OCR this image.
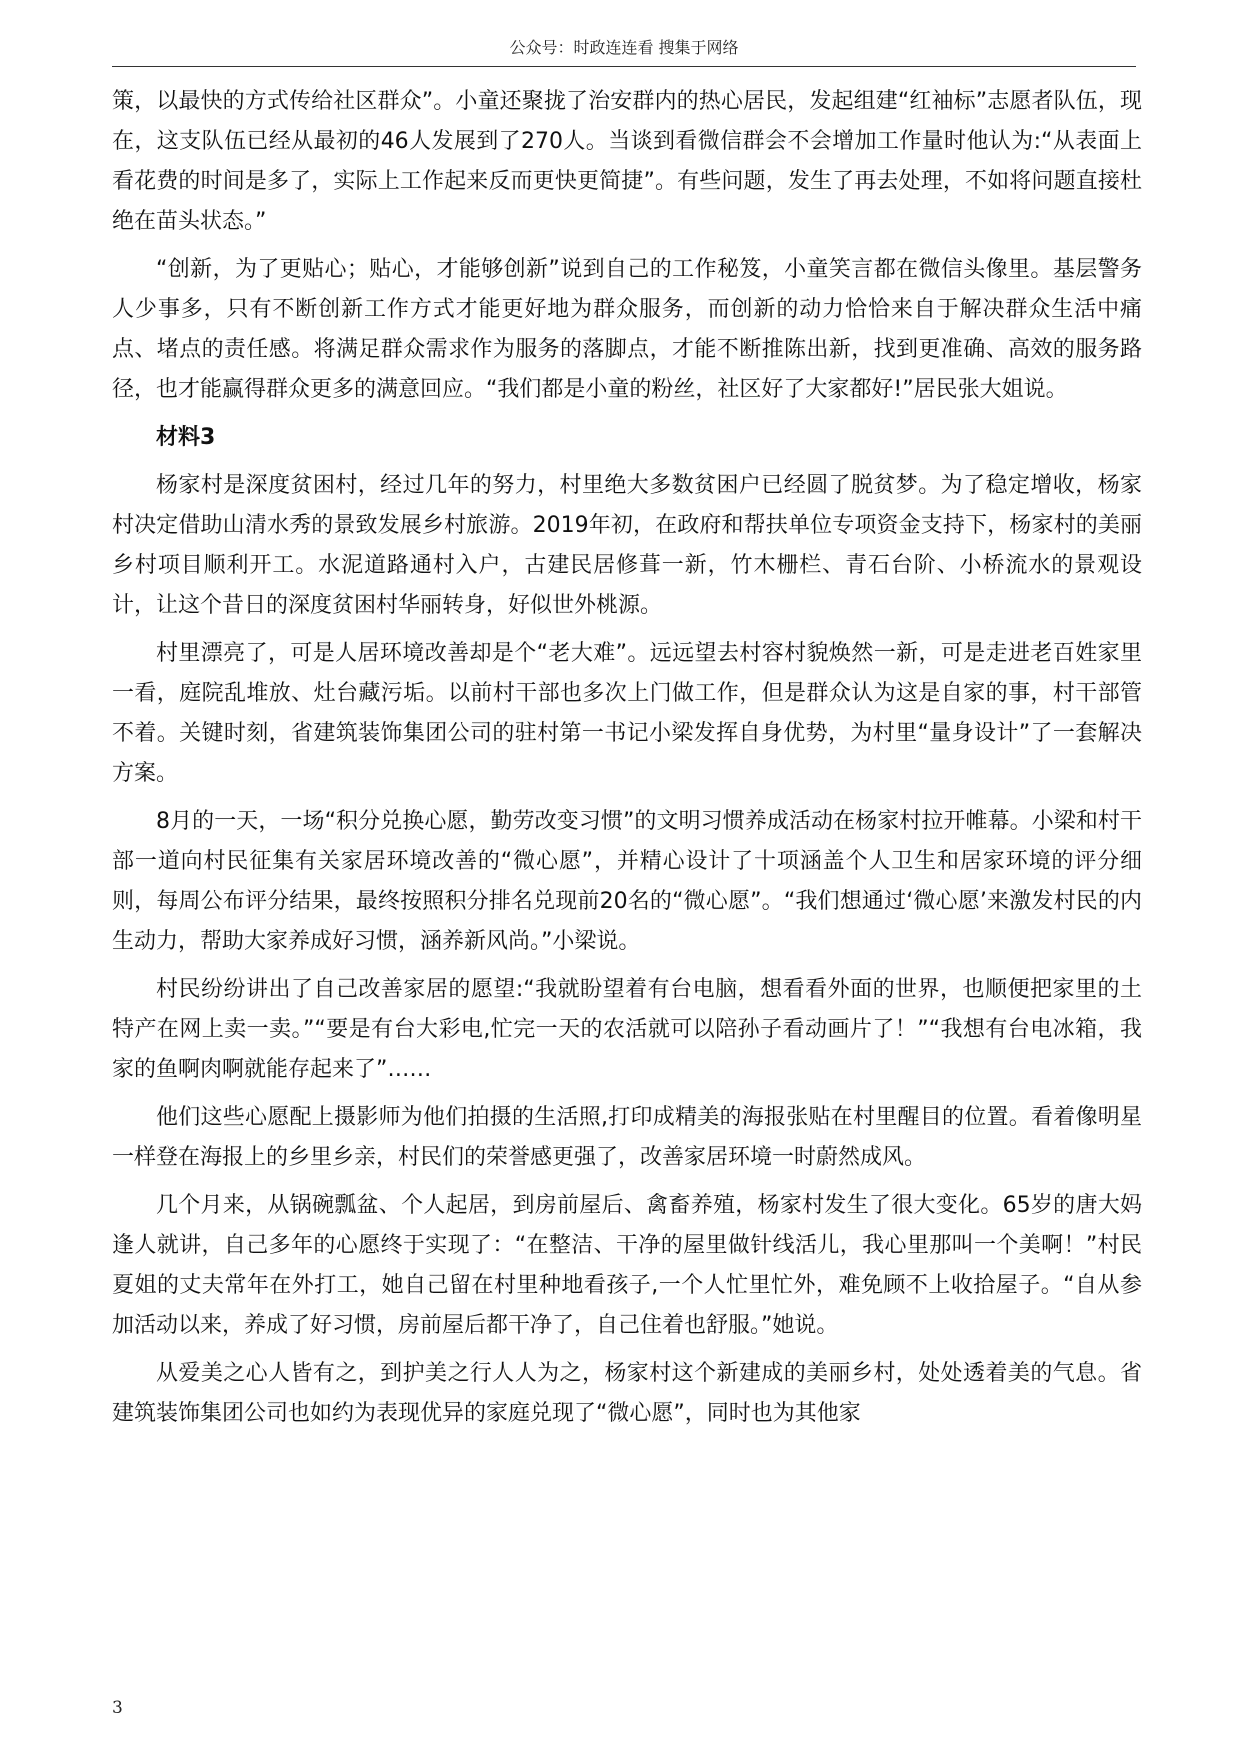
公众号：时政连连看 搜集于网络

策，以最快的方式传给社区群众”。小童还聚拢了治安群内的热心居民，发起组建“红袖标”志愿者队伍，现在，这支队伍已经从最初的46人发展到了270人。当谈到看微信群会不会增加工作量时他认为:“从表面上看花费的时间是多了，实际上工作起来反而更快更简捷”。有些问题，发生了再去处理，不如将问题直接杜绝在苗头状态。”

“创新，为了更贴心；贴心，才能够创新”说到自己的工作秘笈，小童笑言都在微信头像里。基层警务人少事多，只有不断创新工作方式才能更好地为群众服务，而创新的动力恰恰来自于解决群众生活中痛点、堵点的责任感。将满足群众需求作为服务的落脚点，才能不断推陈出新，找到更准确、高效的服务路径，也才能赢得群众更多的满意回应。“我们都是小童的粉丝，社区好了大家都好!”居民张大姐说。

材料3

杨家村是深度贫困村，经过几年的努力，村里绝大多数贫困户已经圆了脱贫梦。为了稳定增收，杨家村决定借助山清水秀的景致发展乡村旅游。2019年初，在政府和帮扶单位专项资金支持下，杨家村的美丽乡村项目顺利开工。水泥道路通村入户，古建民居修葺一新，竹木栅栏、青石台阶、小桥流水的景观设计，让这个昔日的深度贫困村华丽转身，好似世外桃源。

村里漂亮了，可是人居环境改善却是个“老大难”。远远望去村容村貌焕然一新，可是走进老百姓家里一看，庭院乱堆放、灶台藏污垢。以前村干部也多次上门做工作，但是群众认为这是自家的事，村干部管不着。关键时刻，省建筑装饰集团公司的驻村第一书记小梁发挥自身优势，为村里“量身设计”了一套解决方案。

8月的一天，一场“积分兑换心愿，勤劳改变习惯”的文明习惯养成活动在杨家村拉开帷幕。小梁和村干部一道向村民征集有关家居环境改善的“微心愿”，并精心设计了十项涵盖个人卫生和居家环境的评分细则，每周公布评分结果，最终按照积分排名兑现前20名的“微心愿”。“我们想通过‘微心愿’来激发村民的内生动力，帮助大家养成好习惯，涵养新风尚。”小梁说。

村民纷纷讲出了自己改善家居的愿望:“我就盼望着有台电脑，想看看外面的世界，也顺便把家里的土特产在网上卖一卖。”“要是有台大彩电,忙完一天的农活就可以陪孙子看动画片了！”“我想有台电冰箱，我家的鱼啊肉啊就能存起来了”……

他们这些心愿配上摄影师为他们拍摄的生活照,打印成精美的海报张贴在村里醒目的位置。看着像明星一样登在海报上的乡里乡亲，村民们的荣誉感更强了，改善家居环境一时蔚然成风。

几个月来，从锅碗瓢盆、个人起居，到房前屋后、禽畜养殖，杨家村发生了很大变化。65岁的唐大妈逢人就讲，自己多年的心愿终于实现了：“在整洁、干净的屋里做针线活儿，我心里那叫一个美啊！”村民夏姐的丈夫常年在外打工，她自己留在村里种地看孩子,一个人忙里忙外，难免顾不上收拾屋子。“自从参加活动以来，养成了好习惯，房前屋后都干净了，自己住着也舒服。”她说。

从爱美之心人皆有之，到护美之行人人为之，杨家村这个新建成的美丽乡村，处处透着美的气息。省建筑装饰集团公司也如约为表现优异的家庭兑现了“微心愿”，同时也为其他家

3
